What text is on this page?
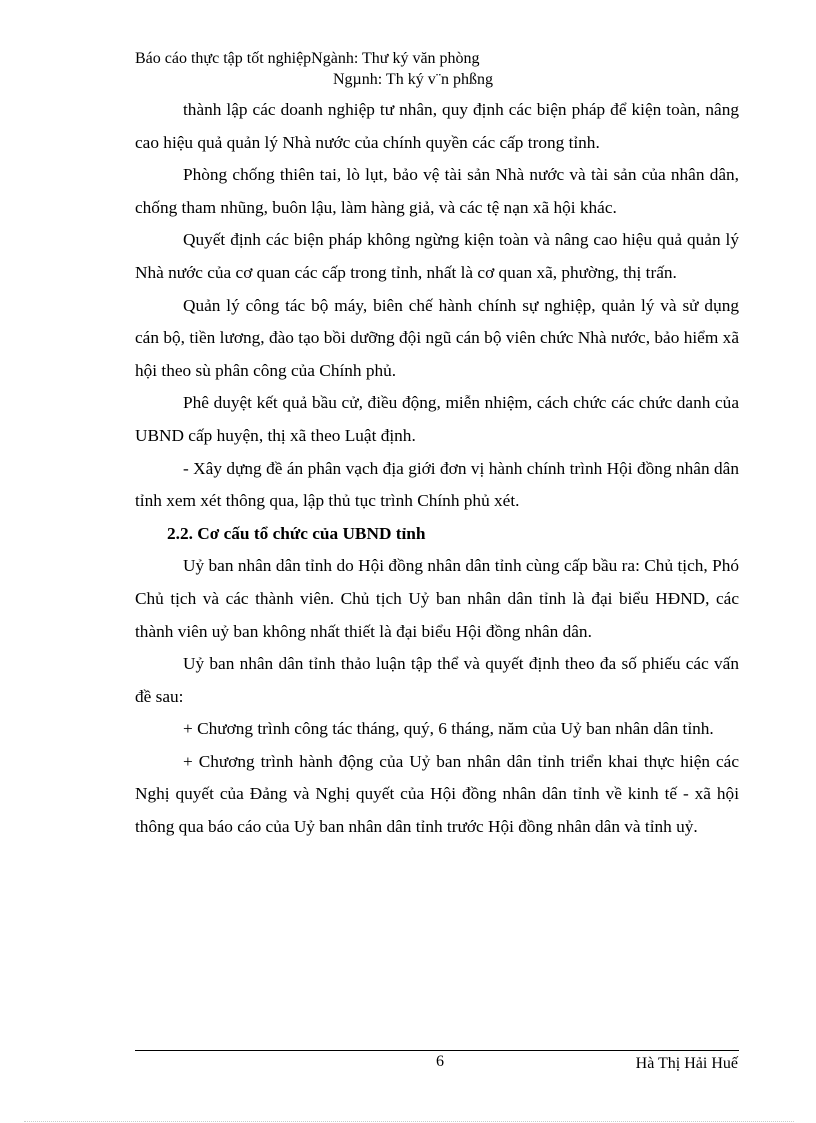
Báo cáo thực tập tốt nghiệpNgành: Thư ký văn phòng
Ngµnh: Th ký v¨n phßng

thành lập các doanh nghiệp tư nhân, quy định các biện pháp để kiện toàn, nâng cao hiệu quả quản lý Nhà nước của chính quyền các cấp trong tỉnh.

Phòng chống thiên tai, lò lụt, bảo vệ tài sản Nhà nước và tài sản của nhân dân, chống tham nhũng, buôn lậu, làm hàng giả, và các tệ nạn xã hội khác.

Quyết định các biện pháp không ngừng kiện toàn và nâng cao hiệu quả quản lý Nhà nước của cơ quan các cấp trong tỉnh, nhất là cơ quan xã, phường, thị trấn.

Quản lý công tác bộ máy, biên chế hành chính sự nghiệp, quản lý và sử dụng cán bộ, tiền lương, đào tạo bồi dưỡng đội ngũ cán bộ viên chức Nhà nước, bảo hiểm xã hội theo sù phân công của Chính phủ.

Phê duyệt kết quả bầu cử, điều động, miễn nhiệm, cách chức các chức danh của UBND cấp huyện, thị xã theo Luật định.

- Xây dựng đề án phân vạch địa giới đơn vị hành chính trình Hội đồng nhân dân tỉnh xem xét thông qua, lập thủ tục trình Chính phủ xét.

2.2. Cơ cấu tổ chức của UBND tỉnh

Uỷ ban nhân dân tỉnh do Hội đồng nhân dân tỉnh cùng cấp bầu ra: Chủ tịch, Phó Chủ tịch và các thành viên. Chủ tịch Uỷ ban nhân dân tỉnh là đại biểu HĐND, các thành viên uỷ ban không nhất thiết là đại biểu Hội đồng nhân dân.

Uỷ ban nhân dân tỉnh thảo luận tập thể và quyết định theo đa số phiếu các vấn đề sau:

+ Chương trình công tác tháng, quý, 6 tháng, năm của Uỷ ban nhân dân tỉnh.

+ Chương trình hành động của Uỷ ban nhân dân tỉnh triển khai thực hiện các Nghị quyết của Đảng và Nghị quyết của Hội đồng nhân dân tỉnh về kinh tế - xã hội thông qua báo cáo của Uỷ ban nhân dân tỉnh trước Hội đồng nhân dân và tỉnh uỷ.

6	Hà Thị Hải Huế
